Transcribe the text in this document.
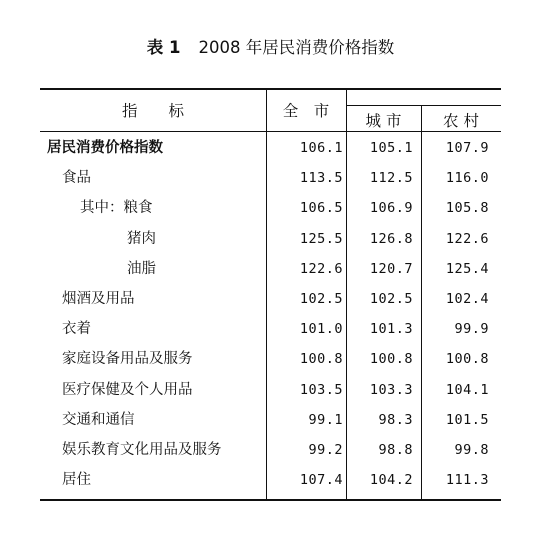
表 1 2008 年居民消费价格指数
指　　标	全　市
城 市	农 村
居民消费价格指数	106.1	105.1	107.9
食品	113.5	112.5	116.0
其中：粮食	106.5	106.9	105.8
猪肉	125.5	126.8	122.6
油脂	122.6	120.7	125.4
烟酒及用品	102.5	102.5	102.4
衣着	101.0	101.3	99.9
家庭设备用品及服务	100.8	100.8	100.8
医疗保健及个人用品	103.5	103.3	104.1
交通和通信	99.1	98.3	101.5
娱乐教育文化用品及服务	99.2	98.8	99.8
居住	107.4	104.2	111.3
